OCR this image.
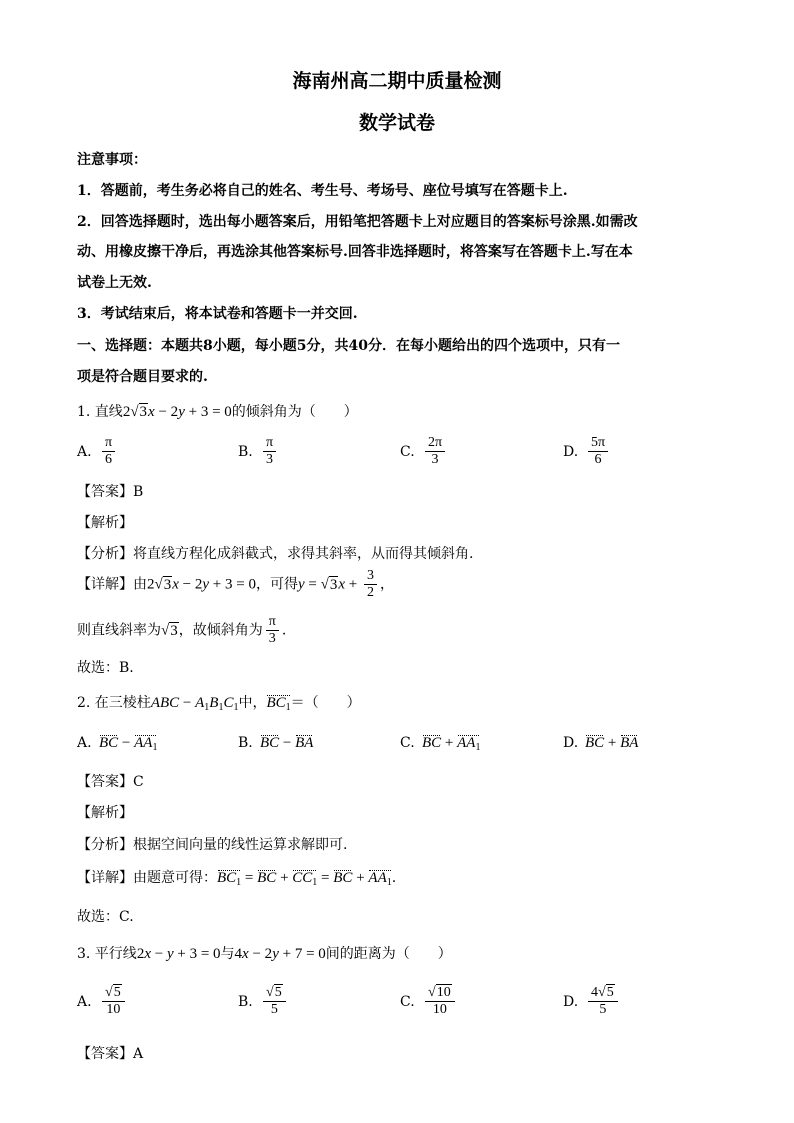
海南州高二期中质量检测
数学试卷
注意事项：
1．答题前，考生务必将自己的姓名、考生号、考场号、座位号填写在答题卡上.
2．回答选择题时，选出每小题答案后，用铅笔把答题卡上对应题目的答案标号涂黑.如需改
动、用橡皮擦干净后，再选涂其他答案标号.回答非选择题时，将答案写在答题卡上.写在本
试卷上无效.
3．考试结束后，将本试卷和答题卡一并交回.
一、选择题：本题共8小题，每小题5分，共40分．在每小题给出的四个选项中，只有一
项是符合题目要求的.
1. 直线2√3x − 2y + 3 = 0的倾斜角为（　　）
A. $\frac{\pi}{6}$	B. $\frac{\pi}{3}$	C. $\frac{2\pi}{3}$	D. $\frac{5\pi}{6}$
【答案】B
【解析】
【分析】将直线方程化成斜截式，求得其斜率，从而得其倾斜角.
【详解】由2√3x − 2y + 3 = 0，可得$y = √3x + \frac{3}{2}$ ，
则直线斜率为√3，故倾斜角为 $\frac{\pi}{3}$ .
故选：B.
2. 在三棱柱ABC − $A_1B_1C_1$中，$BC_1=$（　　）
A. BC − $AA_1$	B. BC − BA	C. BC + $AA_1$	D. BC + BA
【答案】C
【解析】
【分析】根据空间向量的线性运算求解即可.
【详解】由题意可得：$BC_1$ = BC + $CC_1$ = BC + $AA_1$.
故选：C.
3. 平行线2x − y + 3 = 0与4x − 2y + 7 = 0间的距离为（　　）
A. $\frac{√5}{10}$	B. $\frac{√5}{5}$	C. $\frac{√10}{10}$	D. $\frac{4√5}{5}$
【答案】A
